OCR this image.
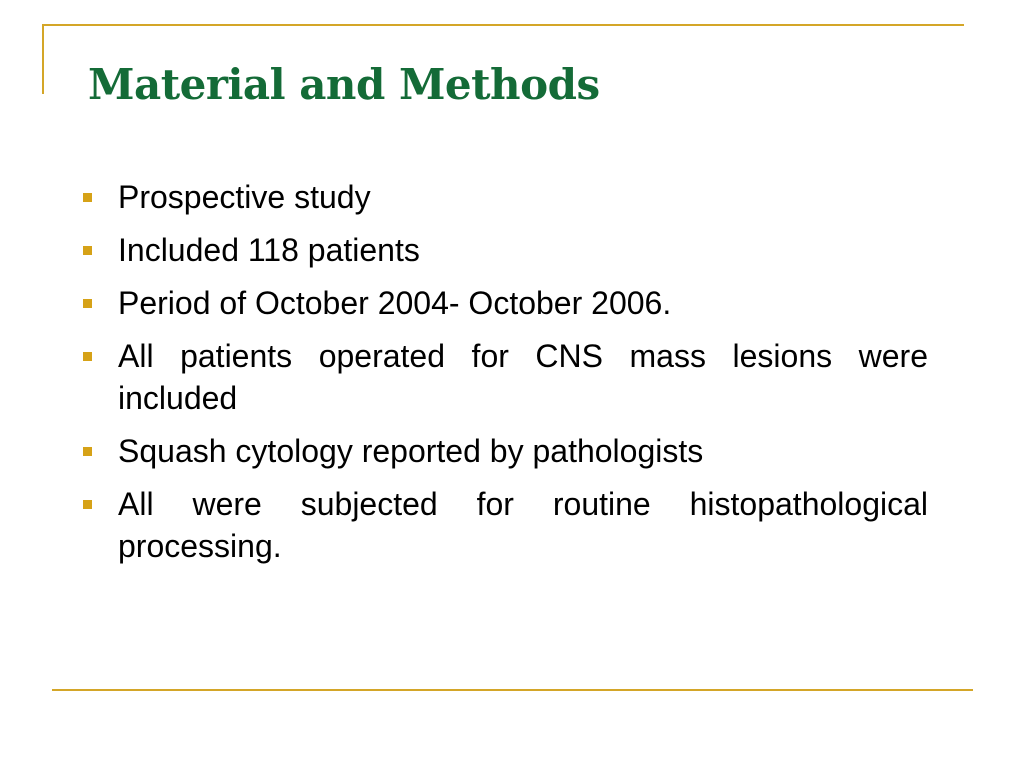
Material and Methods
Prospective study
Included 118 patients
Period of October 2004- October 2006.
All patients operated for CNS mass lesions were included
Squash cytology reported by pathologists
All were subjected for routine histopathological processing.
